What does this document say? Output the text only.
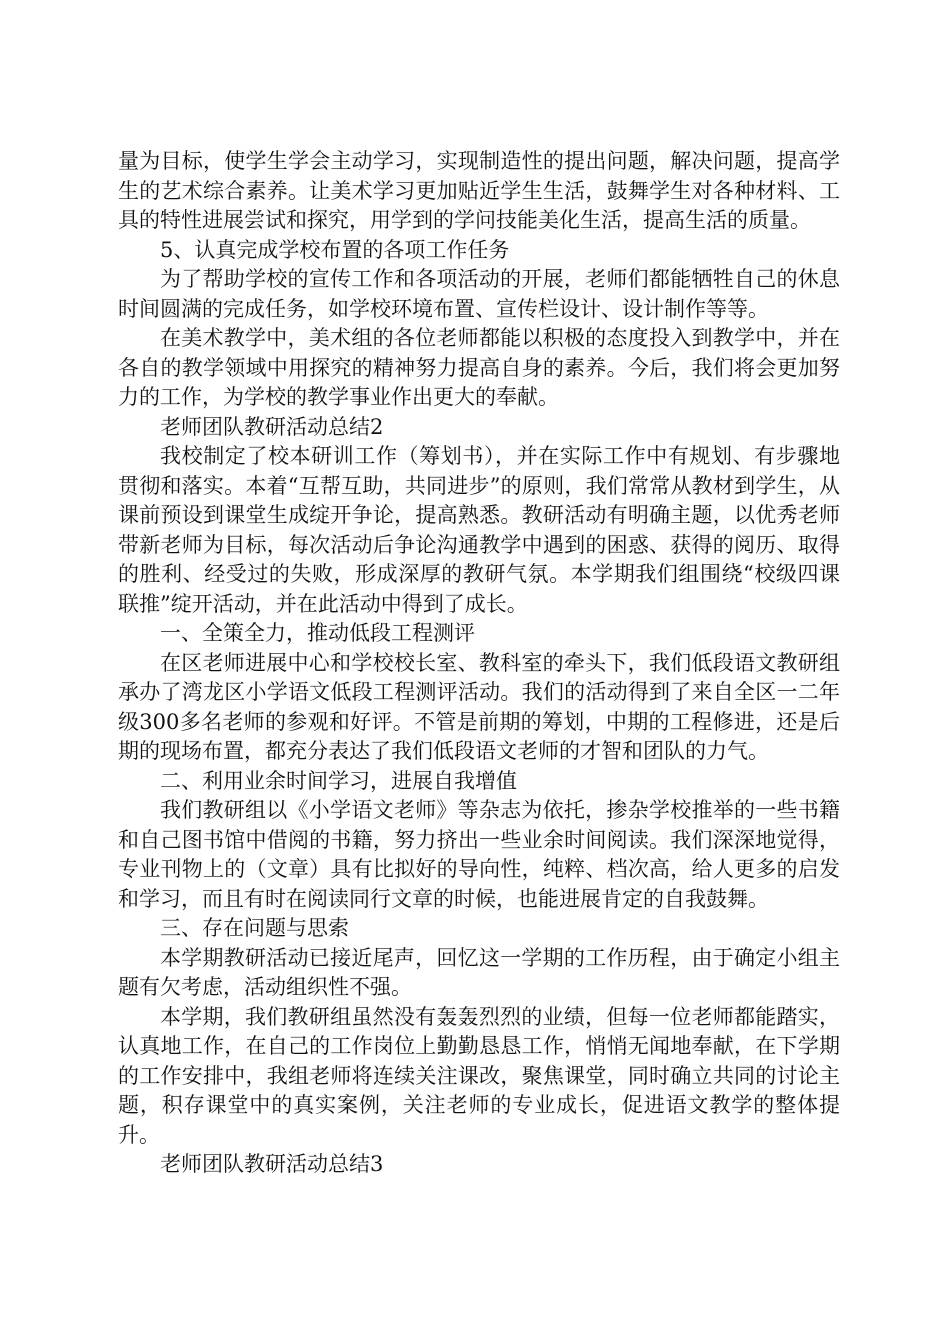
量为目标，使学生学会主动学习，实现制造性的提出问题，解决问题，提高学生的艺术综合素养。让美术学习更加贴近学生生活，鼓舞学生对各种材料、工具的特性进展尝试和探究，用学到的学问技能美化生活，提高生活的质量。

5、认真完成学校布置的各项工作任务

为了帮助学校的宣传工作和各项活动的开展，老师们都能牺牲自己的休息时间圆满的完成任务，如学校环境布置、宣传栏设计、设计制作等等。

在美术教学中，美术组的各位老师都能以积极的态度投入到教学中，并在各自的教学领域中用探究的精神努力提高自身的素养。今后，我们将会更加努力的工作，为学校的教学事业作出更大的奉献。

老师团队教研活动总结2

我校制定了校本研训工作（筹划书），并在实际工作中有规划、有步骤地贯彻和落实。本着“互帮互助，共同进步”的原则，我们常常从教材到学生，从课前预设到课堂生成绽开争论，提高熟悉。教研活动有明确主题，以优秀老师带新老师为目标，每次活动后争论沟通教学中遇到的困惑、获得的阅历、取得的胜利、经受过的失败，形成深厚的教研气氛。本学期我们组围绕“校级四课联推”绽开活动，并在此活动中得到了成长。

一、全策全力，推动低段工程测评

在区老师进展中心和学校校长室、教科室的牵头下，我们低段语文教研组承办了湾龙区小学语文低段工程测评活动。我们的活动得到了来自全区一二年级300多名老师的参观和好评。不管是前期的筹划，中期的工程修进，还是后期的现场布置，都充分表达了我们低段语文老师的才智和团队的力气。

二、利用业余时间学习，进展自我增值

我们教研组以《小学语文老师》等杂志为依托，掺杂学校推举的一些书籍和自己图书馆中借阅的书籍，努力挤出一些业余时间阅读。我们深深地觉得，专业刊物上的（文章）具有比拟好的导向性，纯粹、档次高，给人更多的启发和学习，而且有时在阅读同行文章的时候，也能进展肯定的自我鼓舞。

三、存在问题与思索

本学期教研活动已接近尾声，回忆这一学期的工作历程，由于确定小组主题有欠考虑，活动组织性不强。

本学期，我们教研组虽然没有轰轰烈烈的业绩，但每一位老师都能踏实，认真地工作，在自己的工作岗位上勤勤恳恳工作，悄悄无闻地奉献，在下学期的工作安排中，我组老师将连续关注课改，聚焦课堂，同时确立共同的讨论主题，积存课堂中的真实案例，关注老师的专业成长，促进语文教学的整体提升。

老师团队教研活动总结3
